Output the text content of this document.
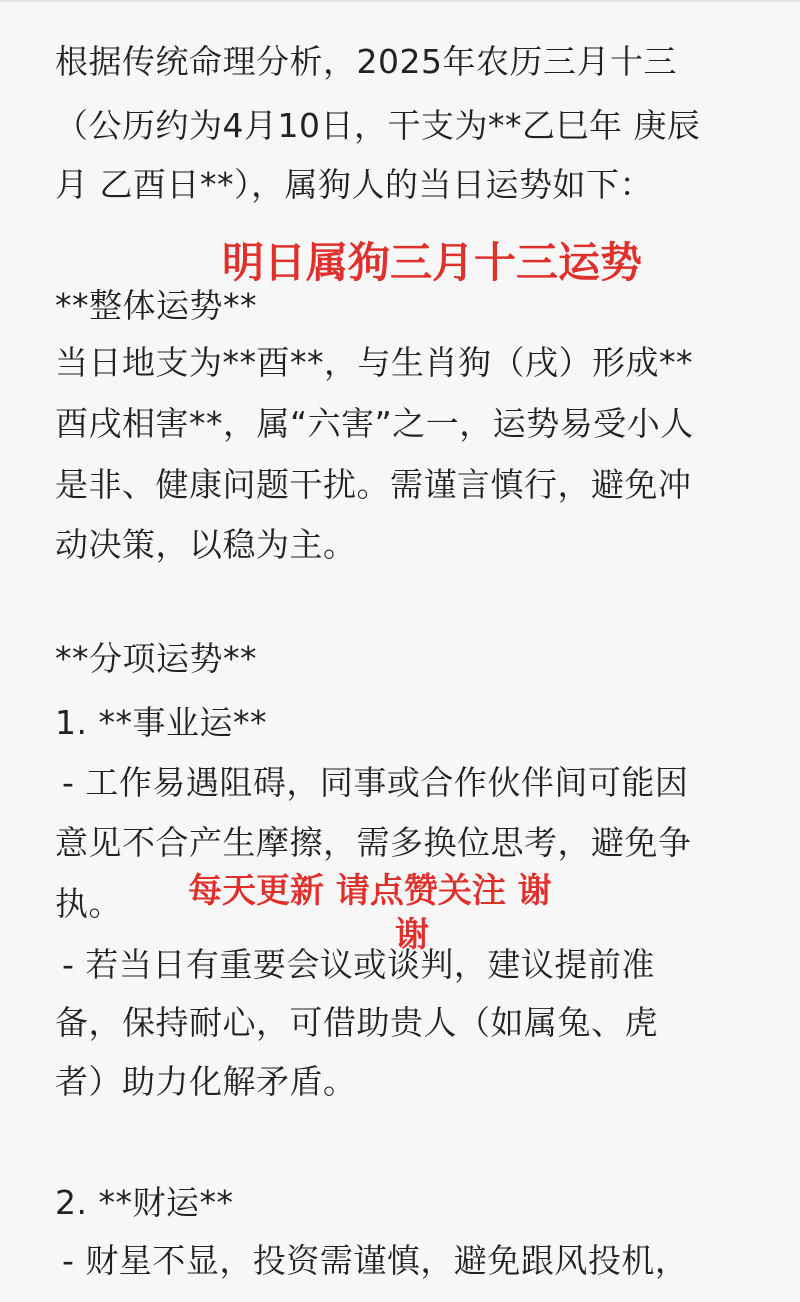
根据传统命理分析，2025年农历三月十三
（公历约为4月10日，干支为**乙巳年 庚辰
月 乙酉日**），属狗人的当日运势如下：
**整体运势**
当日地支为**酉**，与生肖狗（戌）形成**
酉戌相害**，属“六害”之一，运势易受小人
是非、健康问题干扰。需谨言慎行，避免冲
动决策，以稳为主。
**分项运势**
1. **事业运**
- 工作易遇阻碍，同事或合作伙伴间可能因
意见不合产生摩擦，需多换位思考，避免争
执。
- 若当日有重要会议或谈判，建议提前准
备，保持耐心，可借助贵人（如属兔、虎
者）助力化解矛盾。
2. **财运**
- 财星不显，投资需谨慎，避免跟风投机，
明日属狗三月十三运势
每天更新 请点赞关注 谢
谢
